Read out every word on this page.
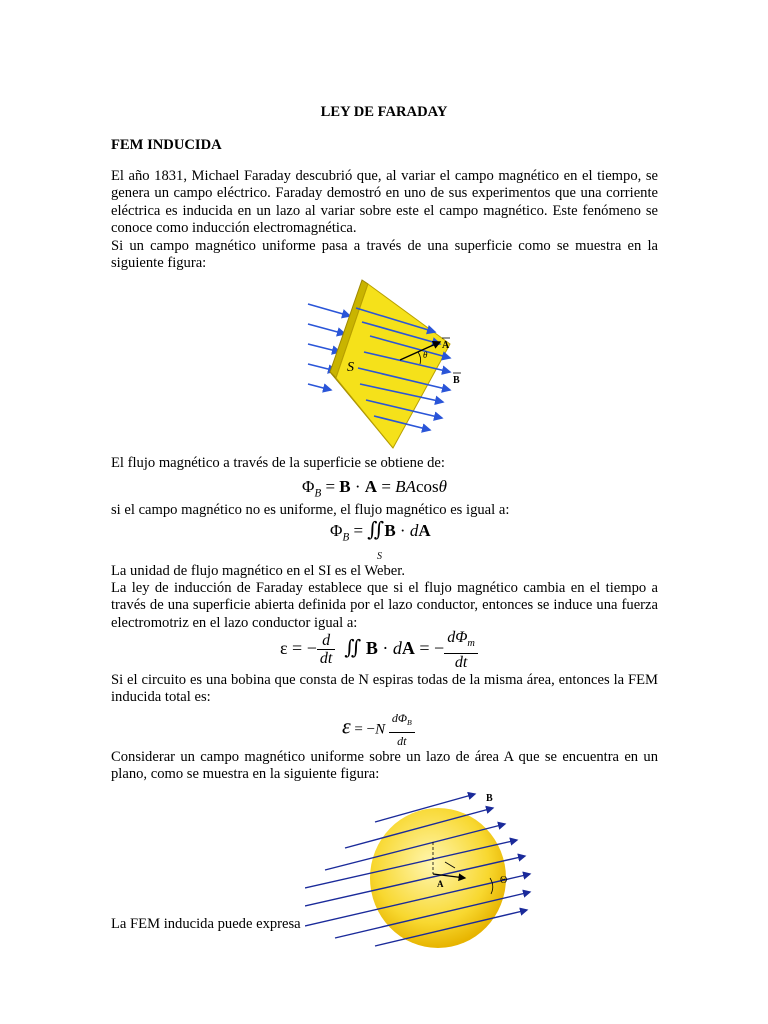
LEY DE FARADAY
FEM INDUCIDA

El año 1831, Michael Faraday descubrió que, al variar el campo magnético en el tiempo, se genera un campo eléctrico. Faraday demostró en uno de sus experimentos que una corriente eléctrica es inducida en un lazo al variar sobre este el campo magnético. Este fenómeno se conoce como inducción electromagnética.

Si un campo magnético uniforme pasa a través de una superficie como se muestra en la siguiente figura:

S
θ
A
B

El flujo magnético a través de la superficie se obtiene de:

$\Phi_B = B \cdot A = BAcos\theta$

si el campo magnético no es uniforme, el flujo magnético es igual a:

$\Phi_B$ = ∬B · dA
S

La unidad de flujo magnético en el SI es el Weber.

La ley de inducción de Faraday establece que si el flujo magnético cambia en el tiempo a través de una superficie abierta definida por el lazo conductor, entonces se induce una fuerza electromotriz en el lazo conductor igual a:

ε = − $\frac{d}{dt}$ ∬ B · dA = − $\frac{d\Phi_m}{dt}$

Si el circuito es una bobina que consta de N espiras todas de la misma área, entonces la FEM inducida total es:

$\varepsilon = -N \frac{d\Phi_B}{dt}$

Considerar un campo magnético uniforme sobre un lazo de área A que se encuentra en un plano, como se muestra en la siguiente figura:

B
A	Θ

La FEM inducida puede expresa
